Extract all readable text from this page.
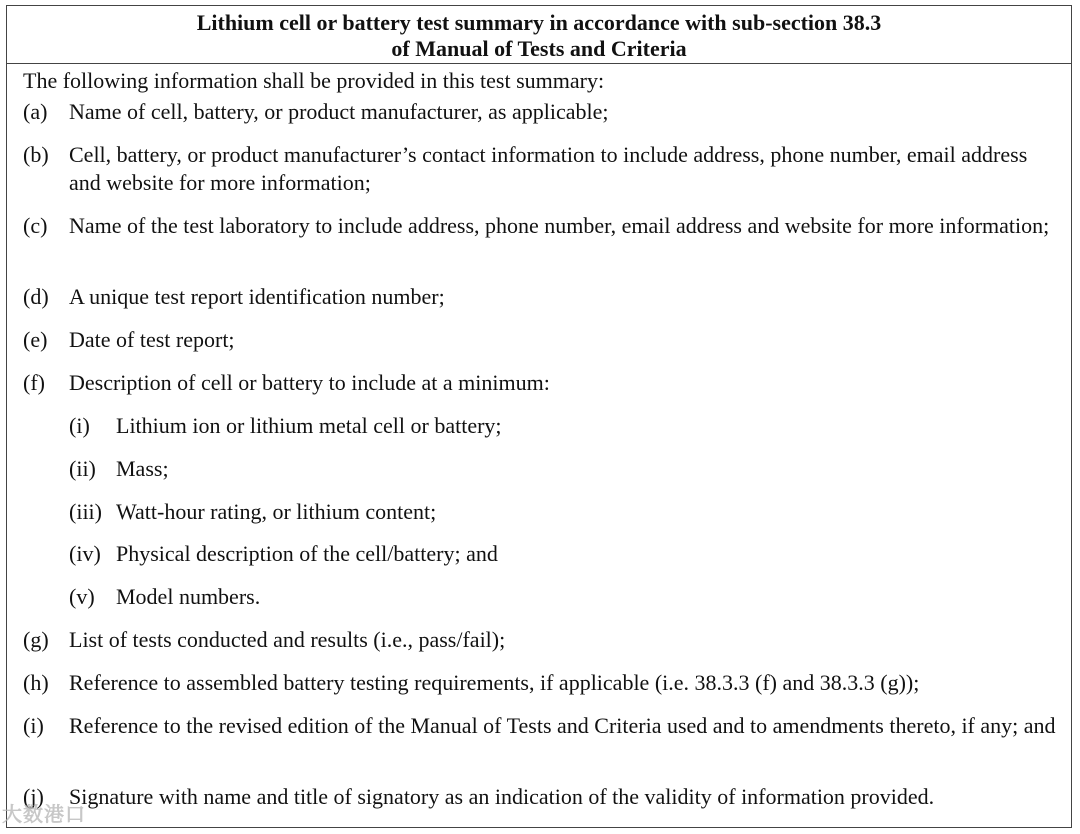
Lithium cell or battery test summary in accordance with sub-section 38.3
of Manual of Tests and Criteria
The following information shall be provided in this test summary:
(a) Name of cell, battery, or product manufacturer, as applicable;
(b) Cell, battery, or product manufacturer’s contact information to include address, phone number, email address and website for more information;
(c) Name of the test laboratory to include address, phone number, email address and website for more information;
(d) A unique test report identification number;
(e) Date of test report;
(f) Description of cell or battery to include at a minimum:
(i) Lithium ion or lithium metal cell or battery;
(ii) Mass;
(iii) Watt-hour rating, or lithium content;
(iv) Physical description of the cell/battery; and
(v) Model numbers.
(g) List of tests conducted and results (i.e., pass/fail);
(h) Reference to assembled battery testing requirements, if applicable (i.e. 38.3.3 (f) and 38.3.3 (g));
(i) Reference to the revised edition of the Manual of Tests and Criteria used and to amendments thereto, if any; and
(j) Signature with name and title of signatory as an indication of the validity of information provided.
大数港口
